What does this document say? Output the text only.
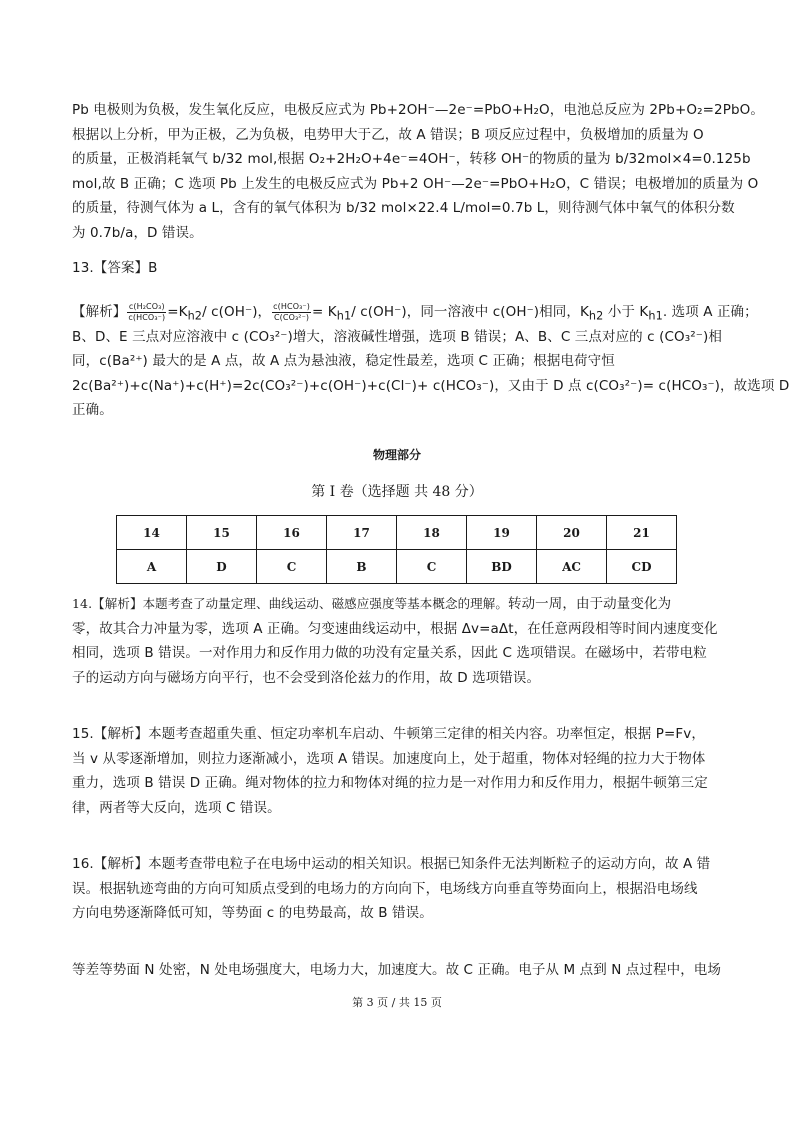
Pb 电极则为负极，发生氧化反应，电极反应式为 Pb+2OH⁻—2e⁻=PbO+H₂O，电池总反应为 2Pb+O₂=2PbO。
根据以上分析，甲为正极，乙为负极，电势甲大于乙，故 A 错误；B 项反应过程中，负极增加的质量为 O
的质量，正极消耗氧气 b/32 mol,根据 O₂+2H₂O+4e⁻=4OH⁻，转移 OH⁻的物质的量为 b/32mol×4=0.125b
mol,故 B 正确；C 选项 Pb 上发生的电极反应式为 Pb+2 OH⁻—2e⁻=PbO+H₂O，C 错误；电极增加的质量为 O
的质量，待测气体为 a L，含有的氧气体积为 b/32 mol×22.4 L/mol=0.7b L，则待测气体中氧气的体积分数
为 0.7b/a，D 错误。
13.【答案】B
【解析】 $\frac{\text{c(H₂CO₃)}}{\text{c(HCO₃⁻)}} =K_{h2}/$ c(OH⁻)， $\frac{\text{c(HCO₃⁻)}}{\text{C(CO₃²⁻)}} = K_{h1}/$ c(OH⁻)，同一溶液中 c(OH⁻)相同，$K_{h2}$ 小于 $K_{h1}$. 选项 A 正确；
B、D、E 三点对应溶液中 c (CO₃²⁻)增大，溶液碱性增强，选项 B 错误；A、B、C 三点对应的 c (CO₃²⁻)相
同，c(Ba²⁺) 最大的是 A 点，故 A 点为悬浊液，稳定性最差，选项 C 正确；根据电荷守恒
2c(Ba²⁺)+c(Na⁺)+c(H⁺)=2c(CO₃²⁻)+c(OH⁻)+c(Cl⁻)+ c(HCO₃⁻)，又由于 D 点 c(CO₃²⁻)= c(HCO₃⁻)，故选项 D
正确。
物理部分
第 I 卷（选择题 共 48 分）
14	15	16	17	18	19	20	21
A	D	C	B	C	BD	AC	CD
14.【解析】本题考查了动量定理、曲线运动、磁感应强度等基本概念的理解。转动一周，由于动量变化为
零，故其合力冲量为零，选项 A 正确。匀变速曲线运动中，根据 Δv=aΔt，在任意两段相等时间内速度变化
相同，选项 B 错误。一对作用力和反作用力做的功没有定量关系，因此 C 选项错误。在磁场中，若带电粒
子的运动方向与磁场方向平行，也不会受到洛伦兹力的作用，故 D 选项错误。
15.【解析】本题考查超重失重、恒定功率机车启动、牛顿第三定律的相关内容。功率恒定，根据 P=Fv，
当 v 从零逐渐增加，则拉力逐渐减小，选项 A 错误。加速度向上，处于超重，物体对轻绳的拉力大于物体
重力，选项 B 错误 D 正确。绳对物体的拉力和物体对绳的拉力是一对作用力和反作用力，根据牛顿第三定
律，两者等大反向，选项 C 错误。
16.【解析】本题考查带电粒子在电场中运动的相关知识。根据已知条件无法判断粒子的运动方向，故 A 错
误。根据轨迹弯曲的方向可知质点受到的电场力的方向向下，电场线方向垂直等势面向上，根据沿电场线
方向电势逐渐降低可知，等势面 c 的电势最高，故 B 错误。
等差等势面 N 处密，N 处电场强度大，电场力大，加速度大。故 C 正确。电子从 M 点到 N 点过程中，电场
第 3 页 / 共 15 页
